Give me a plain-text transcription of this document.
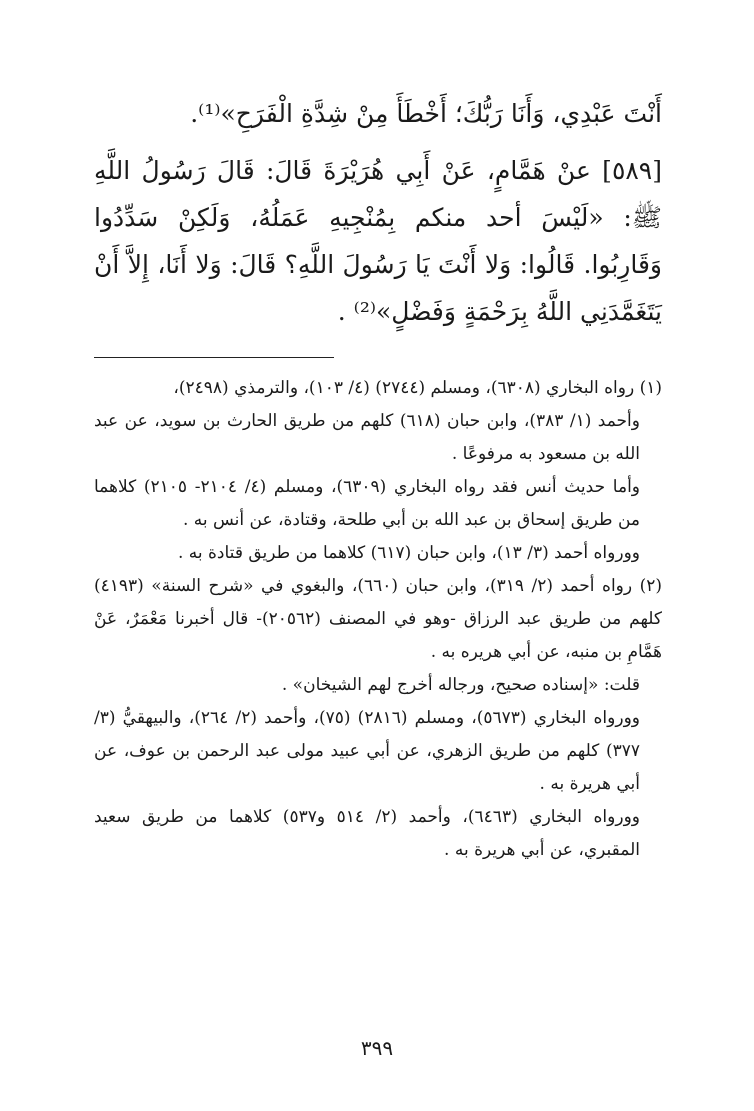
أَنْتَ عَبْدِي، وَأَنَا رَبُّكَ؛ أَخْطَأَ مِنْ شِدَّةِ الْفَرَحِ»⁽¹⁾.

[٥٨٩] عنْ هَمَّامٍ، عَنْ أَبِي هُرَيْرَةَ قَالَ: قَالَ رَسُولُ اللَّهِ ﷺ: «لَيْسَ أحد منكم بِمُنْجِيهِ عَمَلُهُ، وَلَكِنْ سَدِّدُوا وَقَارِبُوا. قَالُوا: وَلا أَنْتَ يَا رَسُولَ اللَّهِ؟ قَالَ: وَلا أَنَا، إِلاَّ أَنْ يَتَغَمَّدَنِي اللَّهُ بِرَحْمَةٍ وَفَضْلٍ»⁽²⁾ .

(١) رواه البخاري (٦٣٠٨)، ومسلم (٢٧٤٤) (٤/ ١٠٣)، والترمذي (٢٤٩٨)،

وأحمد (١/ ٣٨٣)، وابن حبان (٦١٨) كلهم من طريق الحارث بن سويد، عن عبد الله بن مسعود به مرفوعًا .

وأما حديث أنس فقد رواه البخاري (٦٣٠٩)، ومسلم (٤/ ٢١٠٤- ٢١٠٥) كلاهما من طريق إسحاق بن عبد الله بن أبي طلحة، وقتادة، عن أنس به .

وورواه أحمد (٣/ ١٣)، وابن حبان (٦١٧) كلاهما من طريق قتادة به .

(٢) رواه أحمد (٢/ ٣١٩)، وابن حبان (٦٦٠)، والبغوي في «شرح السنة» (٤١٩٣) كلهم من طريق عبد الرزاق -وهو في المصنف (٢٠٥٦٢)- قال أخبرنا مَعْمَرٌ، عَنْ هَمَّامِ بن منبه، عن أبي هريره به .

قلت: «إسناده صحيح، ورجاله أخرج لهم الشيخان» .

وورواه البخاري (٥٦٧٣)، ومسلم (٢٨١٦) (٧٥)، وأحمد (٢/ ٢٦٤)، والبيهقيُّ (٣/ ٣٧٧) كلهم من طريق الزهري، عن أبي عبيد مولى عبد الرحمن بن عوف، عن أبي هريرة به .

وورواه البخاري (٦٤٦٣)، وأحمد (٢/ ٥١٤ و٥٣٧) كلاهما من طريق سعيد المقبري، عن أبي هريرة به .

٣٩٩
